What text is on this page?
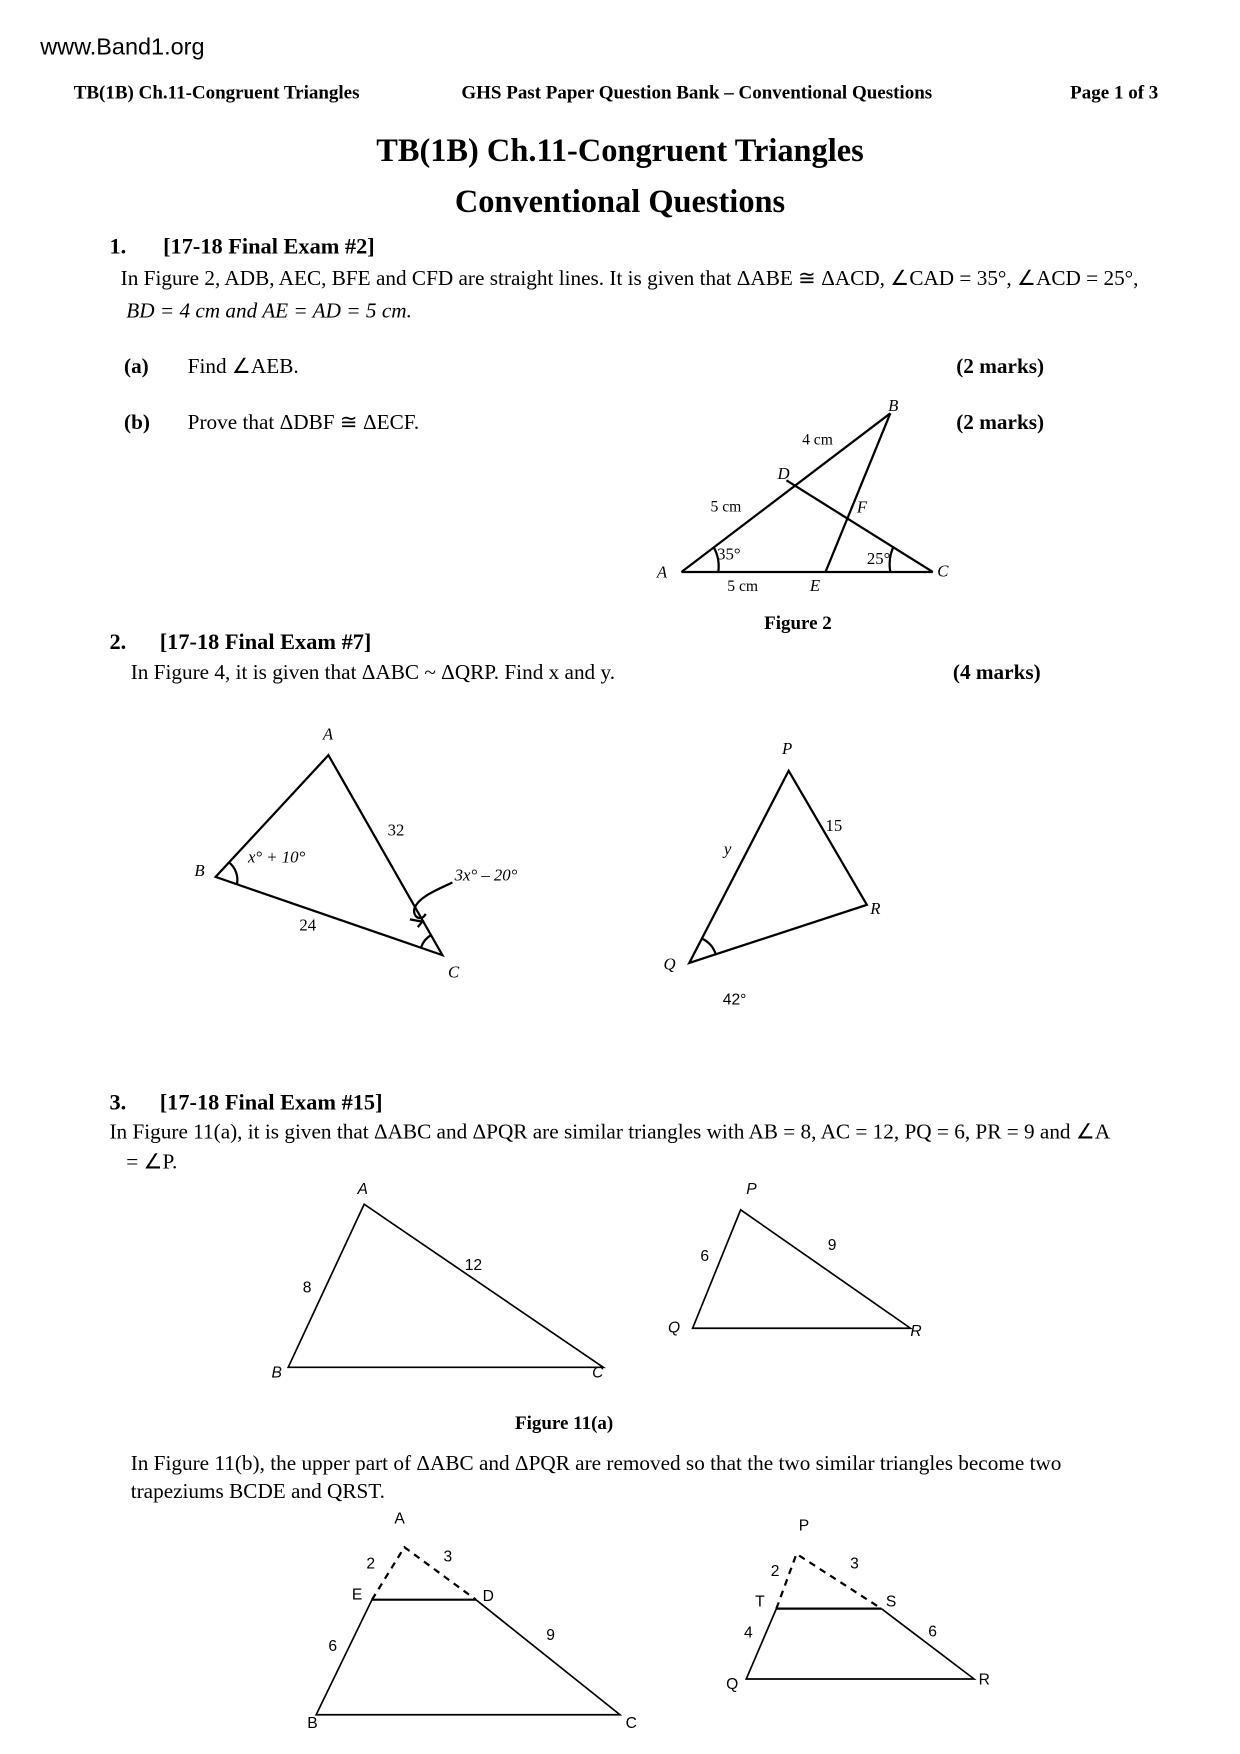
www.Band1.org
TB(1B) Ch.11-Congruent Triangles	GHS Past Paper Question Bank – Conventional Questions	Page 1 of 3
TB(1B) Ch.11-Congruent Triangles
Conventional Questions
1. [17-18 Final Exam #2]
In Figure 2, ADB, AEC, BFE and CFD are straight lines. It is given that ΔABE ≅ ΔACD, ∠CAD = 35°, ∠ACD = 25°,
BD = 4 cm and AE = AD = 5 cm.
(a) Find ∠AEB.	(2 marks)
(b) Prove that ΔDBF ≅ ΔECF.	(2 marks)
2. [17-18 Final Exam #7]
In Figure 4, it is given that ΔABC ~ ΔQRP. Find x and y.	(4 marks)
3. [17-18 Final Exam #15]
In Figure 11(a), it is given that ΔABC and ΔPQR are similar triangles with AB = 8, AC = 12, PQ = 6, PR = 9 and ∠A
= ∠P.
In Figure 11(b), the upper part of ΔABC and ΔPQR are removed so that the two similar triangles become two
trapeziums BCDE and QRST.
B
4 cm
D
5 cm	F
35°	25°
A
5 cm	E
C
Figure 2
A
32
x° + 10°
B	3x° – 20°
24
C
P
15
y
R
Q
42°
A
12
8
B	C
P
6
9
Q	R
Figure 11(a)
A
2	3
E	D
6
9
B	C
P
2	3
T	S
4	6
Q	R
